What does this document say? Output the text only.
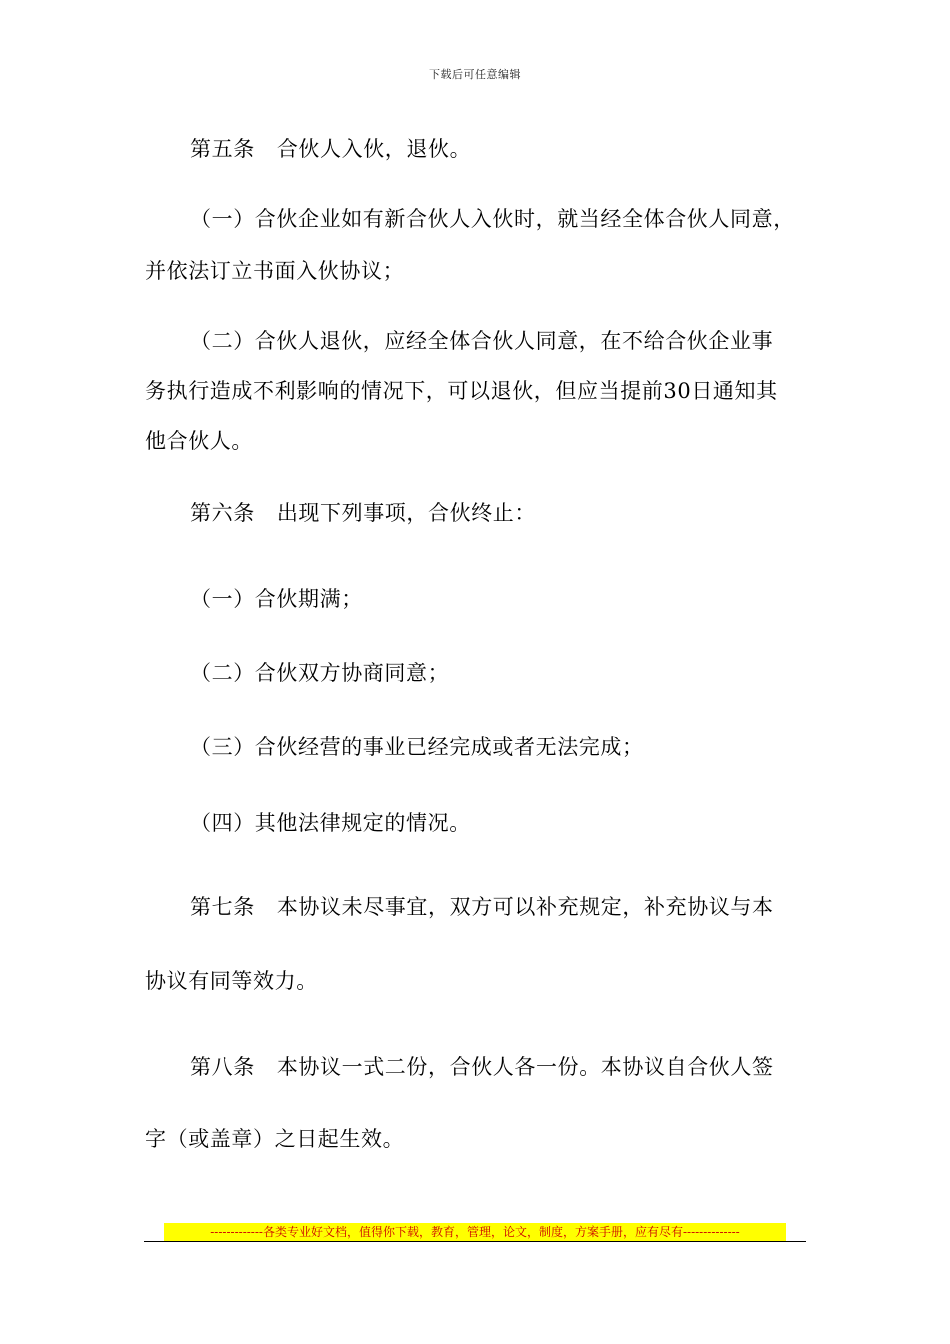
下载后可任意编辑
第五条 合伙人入伙，退伙。
（一）合伙企业如有新合伙人入伙时，就当经全体合伙人同意，
并依法订立书面入伙协议；
（二）合伙人退伙，应经全体合伙人同意，在不给合伙企业事
务执行造成不利影响的情况下，可以退伙，但应当提前30日通知其
他合伙人。
第六条 出现下列事项，合伙终止：
（一）合伙期满；
（二）合伙双方协商同意；
（三）合伙经营的事业已经完成或者无法完成；
（四）其他法律规定的情况。
第七条 本协议未尽事宜，双方可以补充规定，补充协议与本
协议有同等效力。
第八条 本协议一式二份，合伙人各一份。本协议自合伙人签
字（或盖章）之日起生效。
-------------各类专业好文档，值得你下载，教育，管理，论文，制度，方案手册，应有尽有--------------
